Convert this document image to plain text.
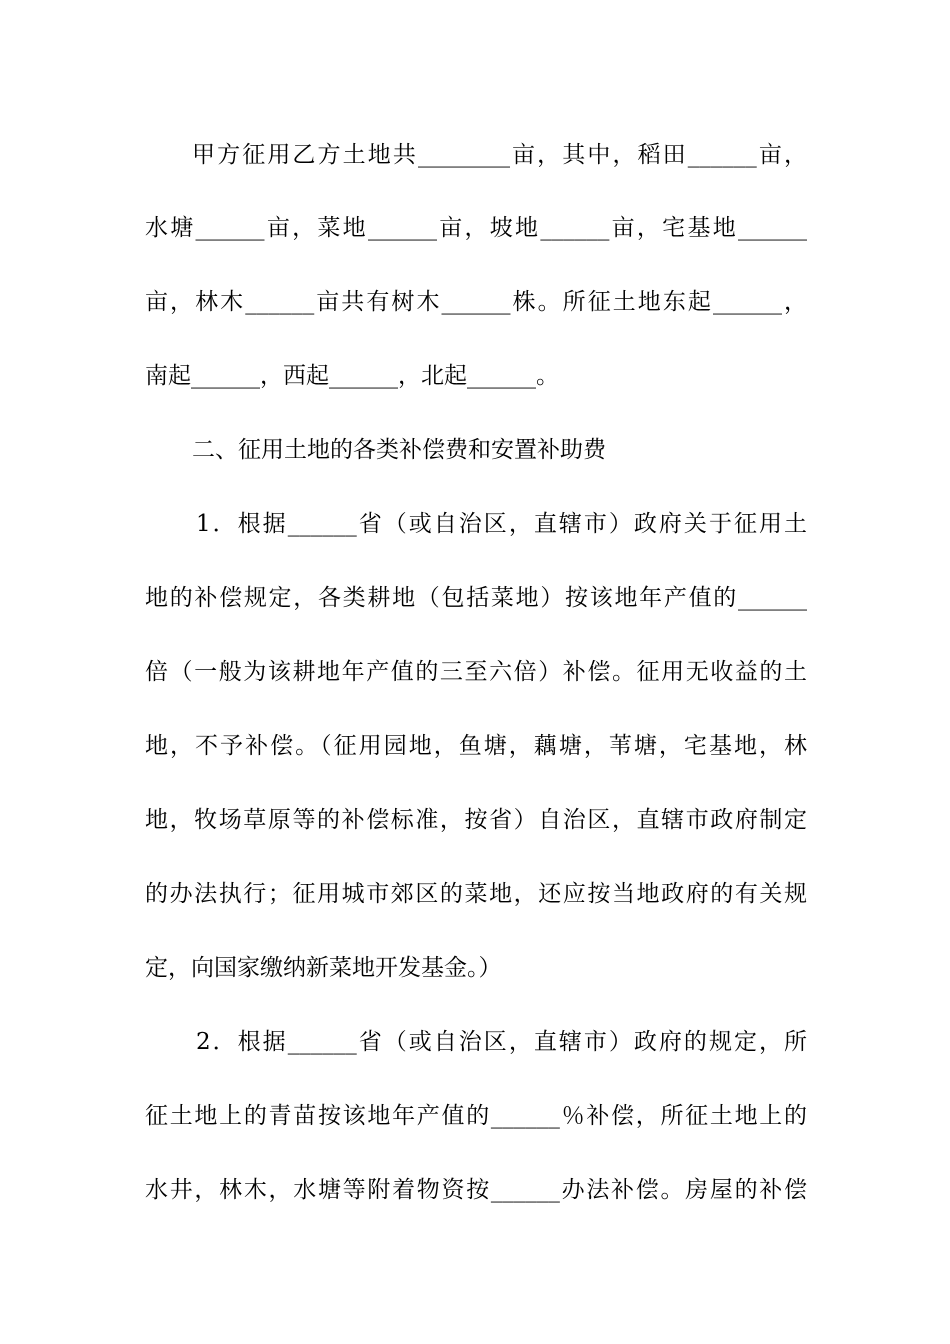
甲方征用乙方土地共________亩，其中，稻田______亩，
水塘______亩，菜地______亩，坡地______亩，宅基地______
亩，林木______亩共有树木______株。所征土地东起______，
南起______，西起______，北起______。
二、征用土地的各类补偿费和安置补助费
1．根据______省（或自治区，直辖市）政府关于征用土
地的补偿规定，各类耕地（包括菜地）按该地年产值的______
倍（一般为该耕地年产值的三至六倍）补偿。征用无收益的土
地，不予补偿。（征用园地，鱼塘，藕塘，苇塘，宅基地，林
地，牧场草原等的补偿标准，按省）自治区，直辖市政府制定
的办法执行；征用城市郊区的菜地，还应按当地政府的有关规
定，向国家缴纳新菜地开发基金。）
2．根据______省（或自治区，直辖市）政府的规定，所
征土地上的青苗按该地年产值的______％补偿，所征土地上的
水井，林木，水塘等附着物资按______办法补偿。房屋的补偿
